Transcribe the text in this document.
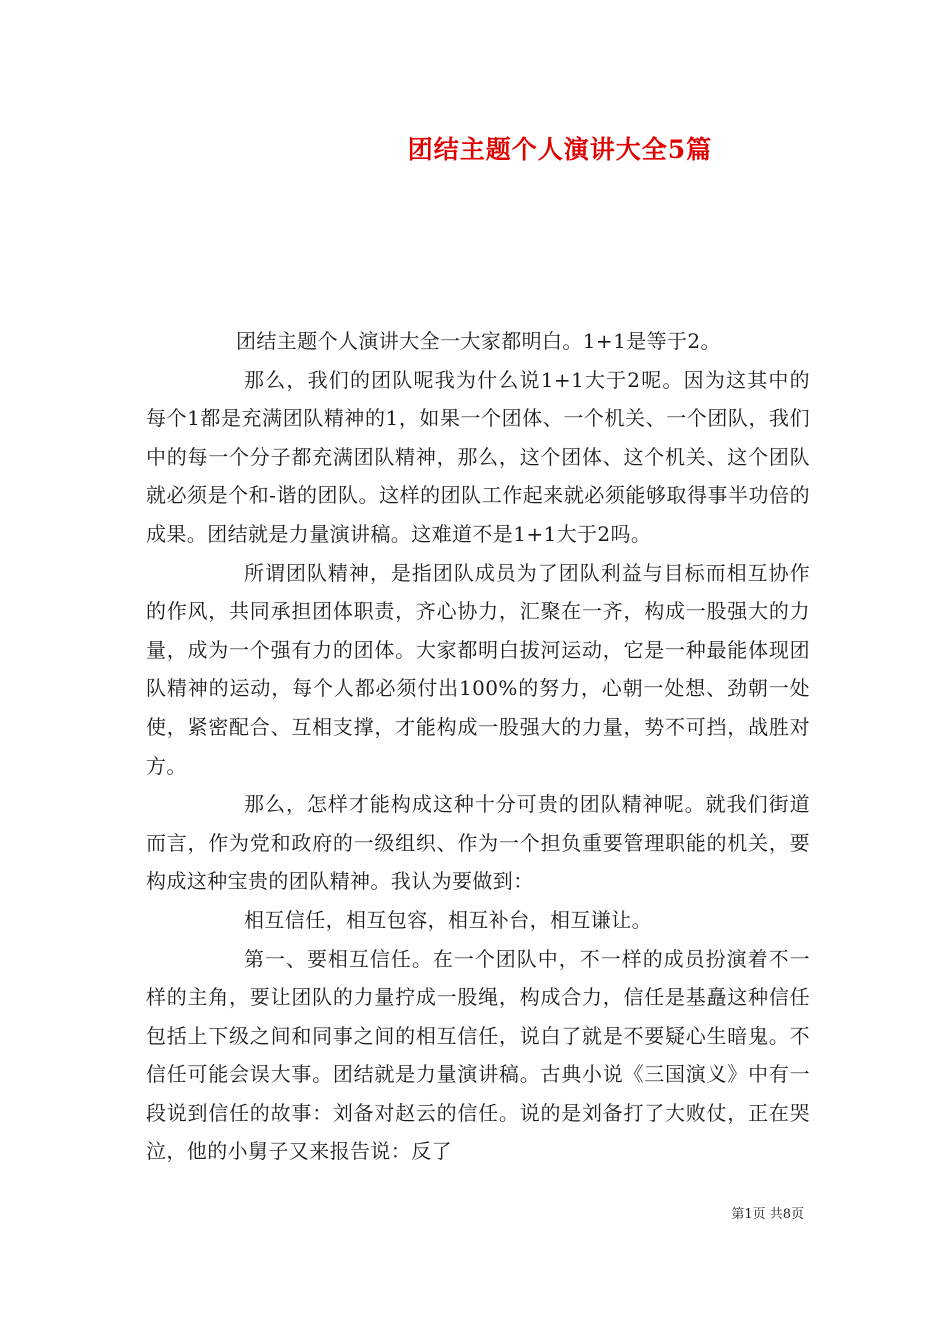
团结主题个人演讲大全5篇

团结主题个人演讲大全一大家都明白。1+1是等于2。

那么，我们的团队呢我为什么说1+1大于2呢。因为这其中的每个1都是充满团队精神的1，如果一个团体、一个机关、一个团队，我们中的每一个分子都充满团队精神，那么，这个团体、这个机关、这个团队就必须是个和-谐的团队。这样的团队工作起来就必须能够取得事半功倍的成果。团结就是力量演讲稿。这难道不是1+1大于2吗。

所谓团队精神，是指团队成员为了团队利益与目标而相互协作的作风，共同承担团体职责，齐心协力，汇聚在一齐，构成一股强大的力量，成为一个强有力的团体。大家都明白拔河运动，它是一种最能体现团队精神的运动，每个人都必须付出100%的努力，心朝一处想、劲朝一处使，紧密配合、互相支撑，才能构成一股强大的力量，势不可挡，战胜对方。

那么，怎样才能构成这种十分可贵的团队精神呢。就我们街道而言，作为党和政府的一级组织、作为一个担负重要管理职能的机关，要构成这种宝贵的团队精神。我认为要做到：

相互信任，相互包容，相互补台，相互谦让。

第一、要相互信任。在一个团队中，不一样的成员扮演着不一样的主角，要让团队的力量拧成一股绳，构成合力，信任是基矗这种信任包括上下级之间和同事之间的相互信任，说白了就是不要疑心生暗鬼。不信任可能会误大事。团结就是力量演讲稿。古典小说《三国演义》中有一段说到信任的故事：刘备对赵云的信任。说的是刘备打了大败仗，正在哭泣，他的小舅子又来报告说：反了

第1页 共8页
